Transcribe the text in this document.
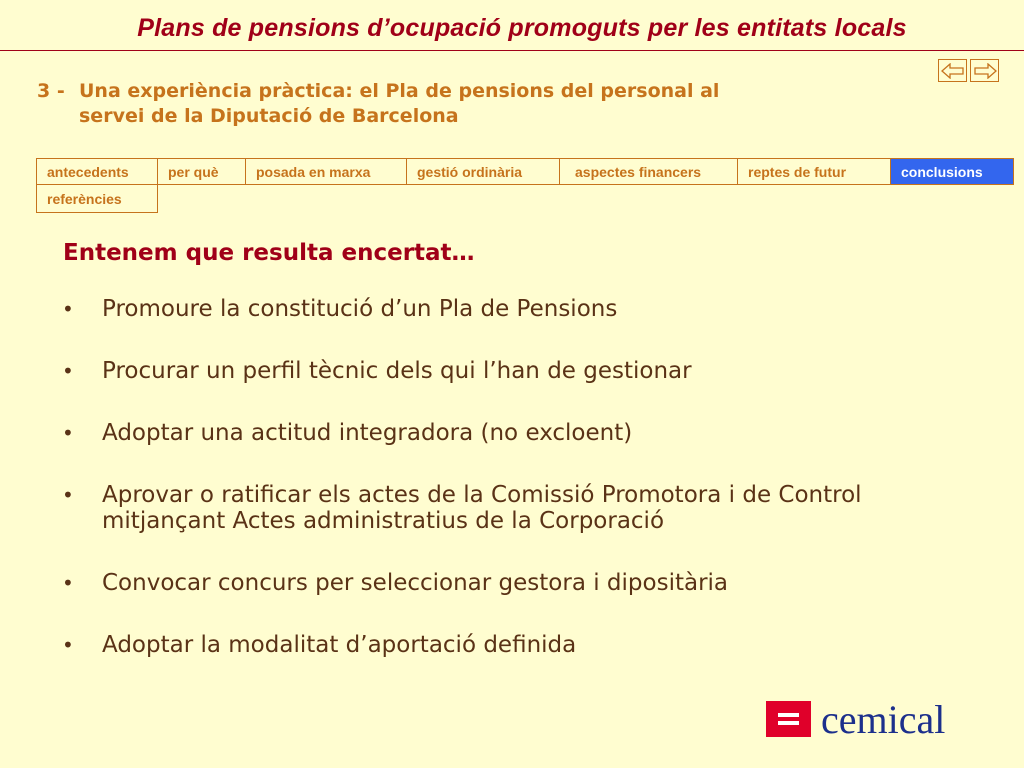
Plans de pensions d’ocupació promoguts per les entitats locals
3 - Una experiència pràctica: el Pla de pensions del personal al
servei de la Diputació de Barcelona
antecedents	per què	posada en marxa	gestió ordinària	aspectes financers	reptes de futur	conclusions
referències
Entenem que resulta encertat…
• Promoure la constitució d’un Pla de Pensions
• Procurar un perfil tècnic dels qui l’han de gestionar
• Adoptar una actitud integradora (no excloent)
• Aprovar o ratificar els actes de la Comissió Promotora i de Control mitjançant Actes administratius de la Corporació
• Convocar concurs per seleccionar gestora i dipositària
• Adoptar la modalitat d’aportació definida
cemical
